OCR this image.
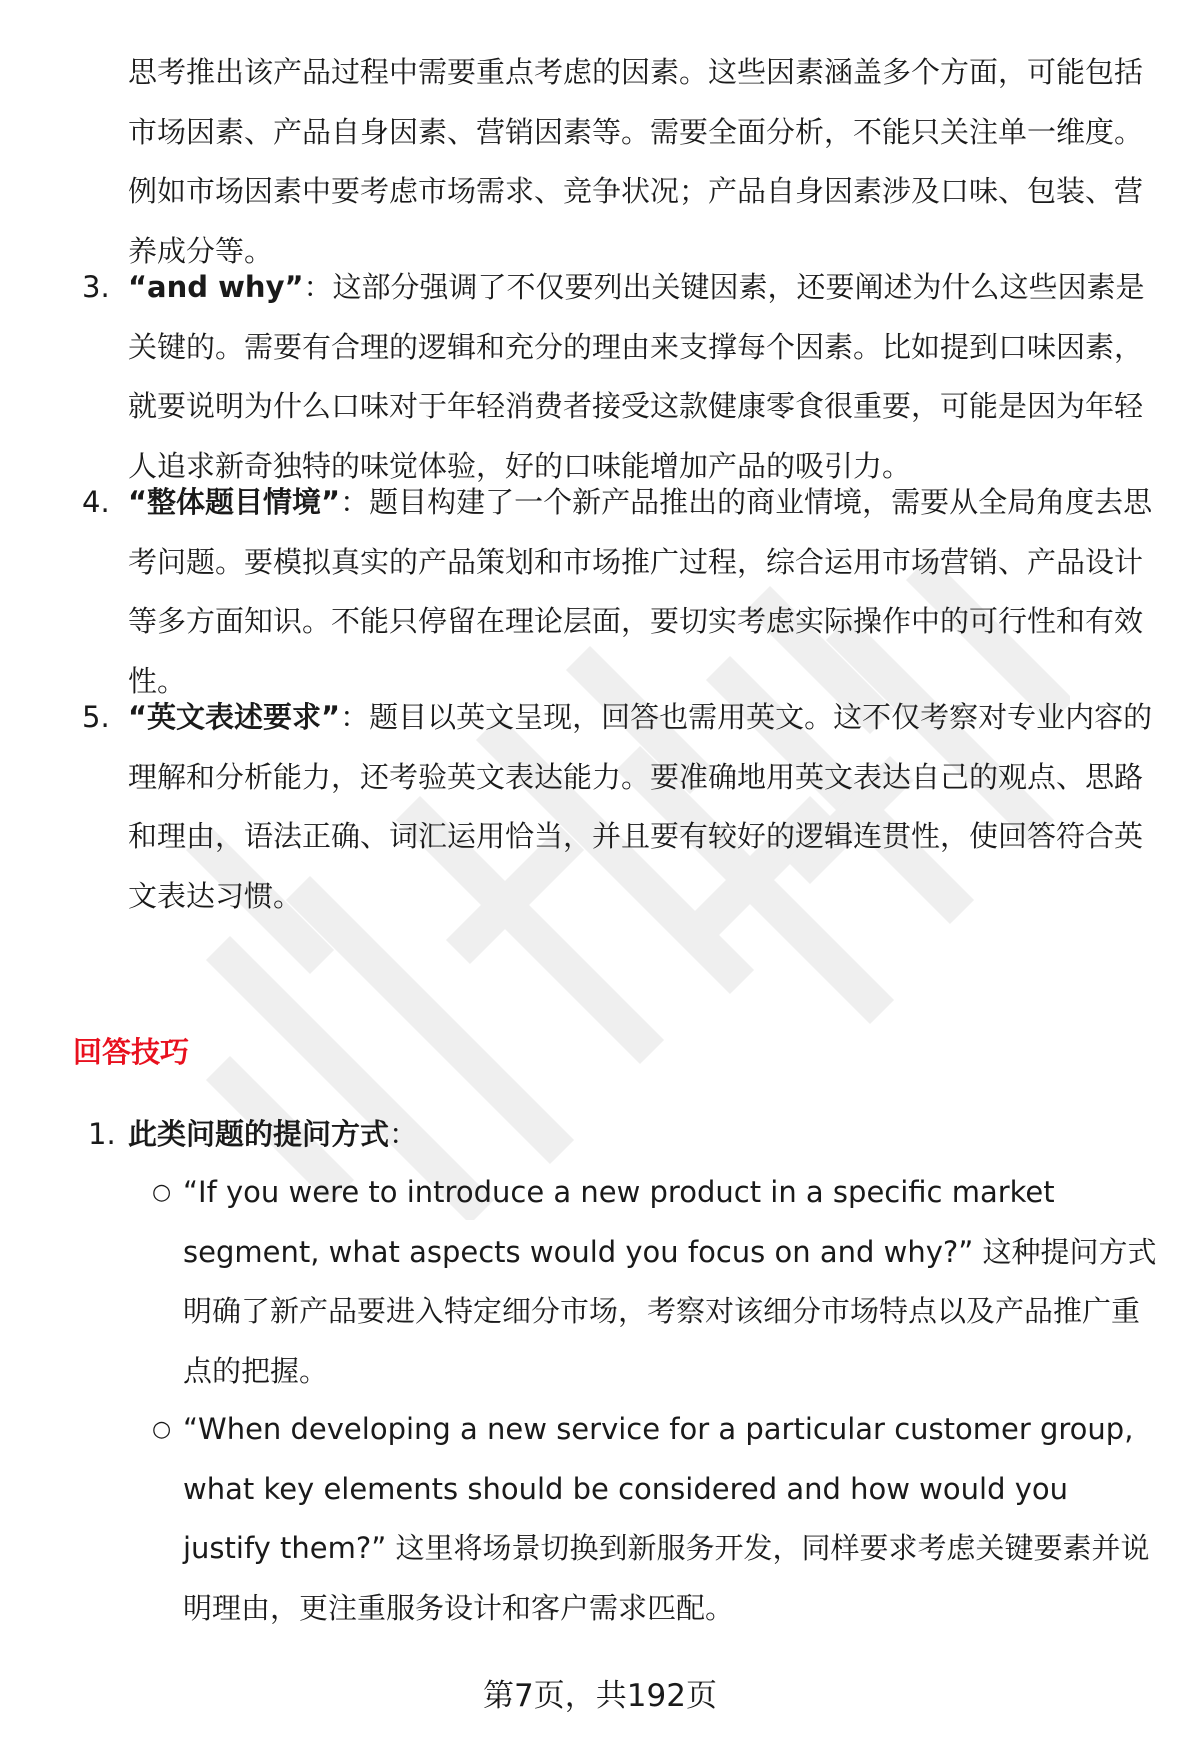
思考推出该产品过程中需要重点考虑的因素。这些因素涵盖多个方面，可能包括市场因素、产品自身因素、营销因素等。需要全面分析，不能只关注单一维度。例如市场因素中要考虑市场需求、竞争状况；产品自身因素涉及口味、包装、营养成分等。
3. “and why”：这部分强调了不仅要列出关键因素，还要阐述为什么这些因素是关键的。需要有合理的逻辑和充分的理由来支撑每个因素。比如提到口味因素，就要说明为什么口味对于年轻消费者接受这款健康零食很重要，可能是因为年轻人追求新奇独特的味觉体验，好的口味能增加产品的吸引力。
4. “整体题目情境”：题目构建了一个新产品推出的商业情境，需要从全局角度去思考问题。要模拟真实的产品策划和市场推广过程，综合运用市场营销、产品设计等多方面知识。不能只停留在理论层面，要切实考虑实际操作中的可行性和有效性。
5. “英文表述要求”：题目以英文呈现，回答也需用英文。这不仅考察对专业内容的理解和分析能力，还考验英文表达能力。要准确地用英文表达自己的观点、思路和理由，语法正确、词汇运用恰当，并且要有较好的逻辑连贯性，使回答符合英文表达习惯。
回答技巧
1. 此类问题的提问方式：
○ “If you were to introduce a new product in a specific market segment, what aspects would you focus on and why?” 这种提问方式明确了新产品要进入特定细分市场，考察对该细分市场特点以及产品推广重点的把握。
○ “When developing a new service for a particular customer group, what key elements should be considered and how would you justify them?” 这里将场景切换到新服务开发，同样要求考虑关键要素并说明理由，更注重服务设计和客户需求匹配。
第7页，共192页
